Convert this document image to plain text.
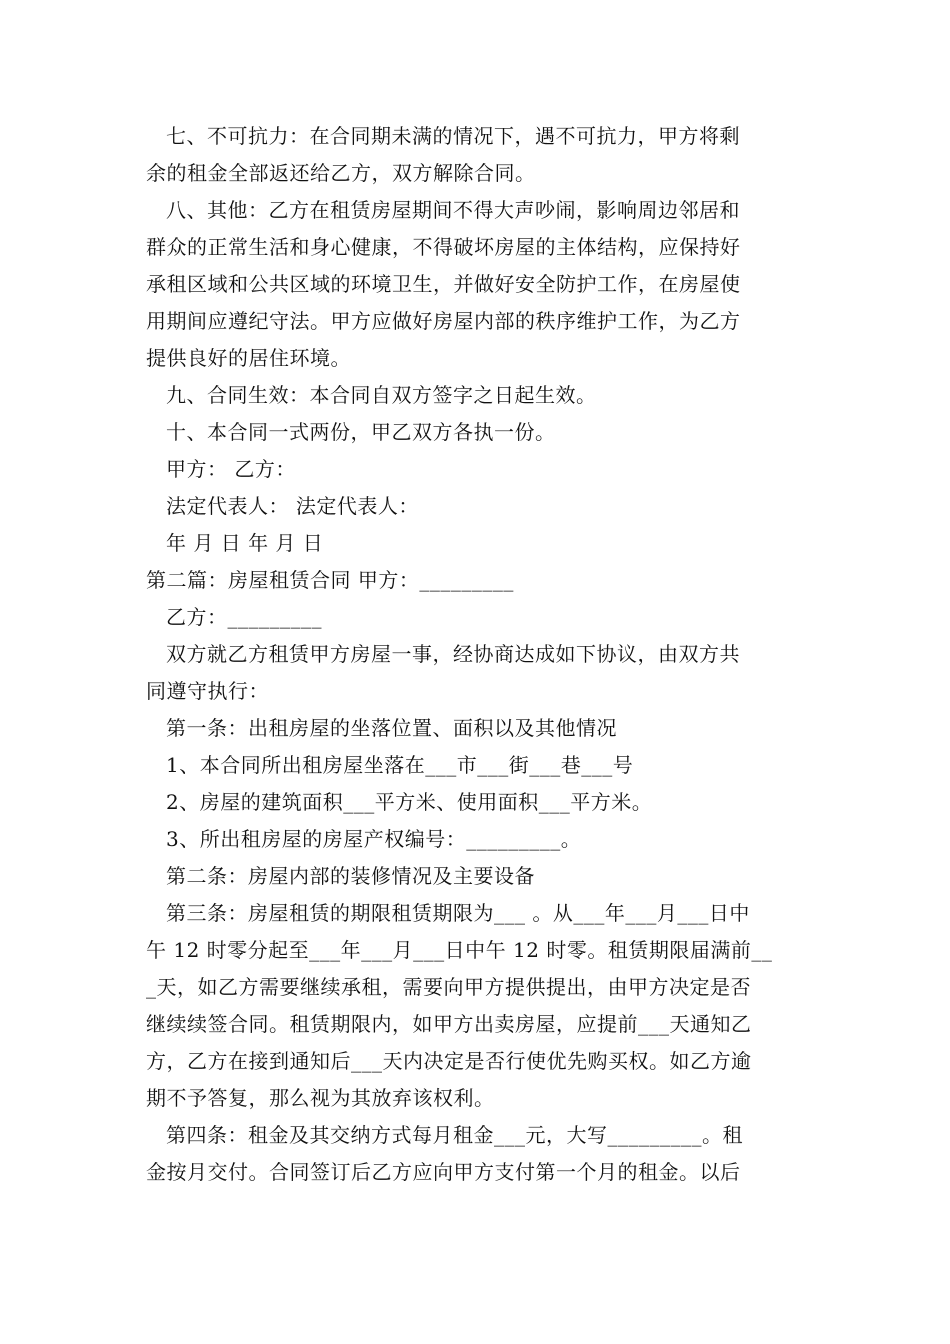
七、不可抗力：在合同期未满的情况下，遇不可抗力，甲方将剩
余的租金全部返还给乙方，双方解除合同。
八、其他：乙方在租赁房屋期间不得大声吵闹，影响周边邻居和
群众的正常生活和身心健康，不得破坏房屋的主体结构，应保持好
承租区域和公共区域的环境卫生，并做好安全防护工作，在房屋使
用期间应遵纪守法。甲方应做好房屋内部的秩序维护工作，为乙方
提供良好的居住环境。
九、合同生效：本合同自双方签字之日起生效。
十、本合同一式两份，甲乙双方各执一份。
甲方： 乙方：
法定代表人： 法定代表人：
年 月 日 年 月 日
第二篇：房屋租赁合同 甲方：_________
乙方：_________
双方就乙方租赁甲方房屋一事，经协商达成如下协议，由双方共
同遵守执行：
第一条：出租房屋的坐落位置、面积以及其他情况
1、本合同所出租房屋坐落在___市___街___巷___号
2、房屋的建筑面积___平方米、使用面积___平方米。
3、所出租房屋的房屋产权编号：_________。
第二条：房屋内部的装修情况及主要设备
第三条：房屋租赁的期限租赁期限为___ 。从___年___月___日中
午 12 时零分起至___年___月___日中午 12 时零。租赁期限届满前__
_天，如乙方需要继续承租，需要向甲方提供提出，由甲方决定是否
继续续签合同。租赁期限内，如甲方出卖房屋，应提前___天通知乙
方，乙方在接到通知后___天内决定是否行使优先购买权。如乙方逾
期不予答复，那么视为其放弃该权利。
第四条：租金及其交纳方式每月租金___元，大写_________。租
金按月交付。合同签订后乙方应向甲方支付第一个月的租金。以后
